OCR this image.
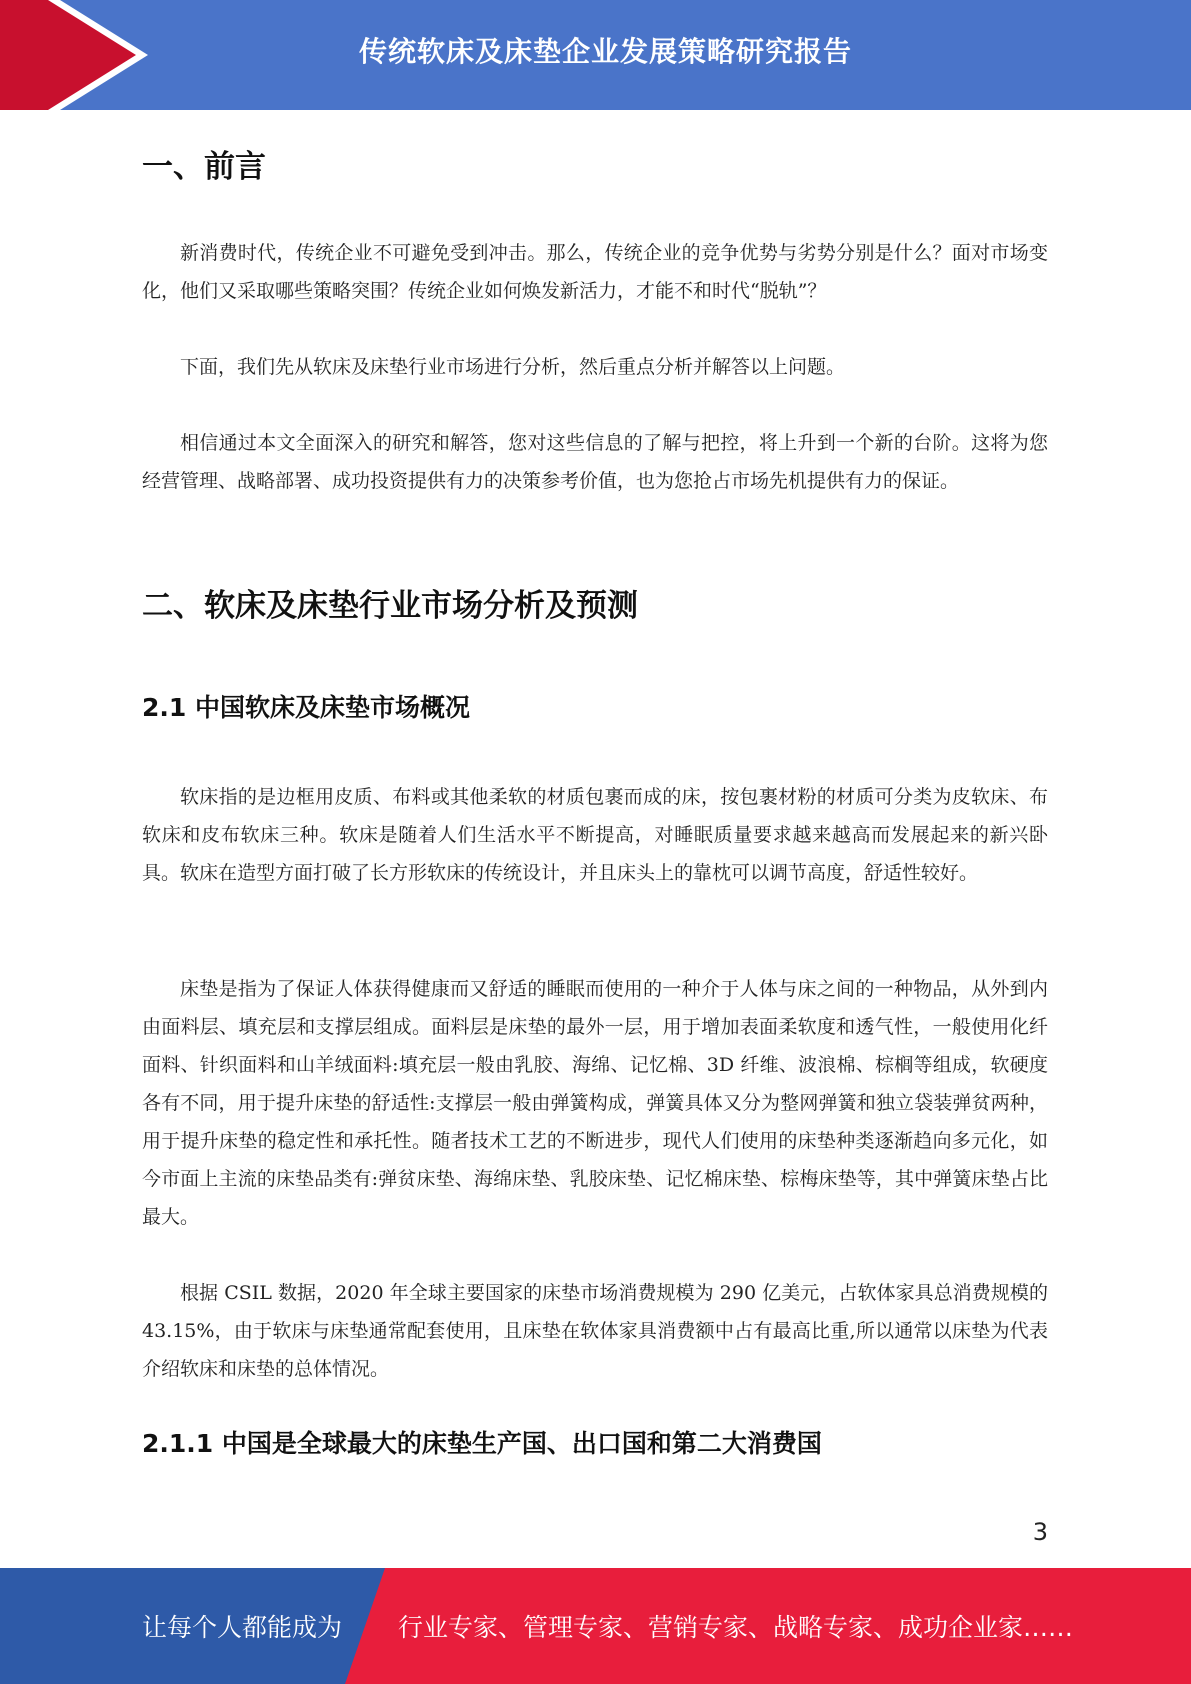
传统软床及床垫企业发展策略研究报告
一、前言

新消费时代，传统企业不可避免受到冲击。那么，传统企业的竞争优势与劣势分别是什么？面对市场变化，他们又采取哪些策略突围？传统企业如何焕发新活力，才能不和时代“脱轨”？

下面，我们先从软床及床垫行业市场进行分析，然后重点分析并解答以上问题。

相信通过本文全面深入的研究和解答，您对这些信息的了解与把控，将上升到一个新的台阶。这将为您经营管理、战略部署、成功投资提供有力的决策参考价值，也为您抢占市场先机提供有力的保证。

二、软床及床垫行业市场分析及预测
2.1 中国软床及床垫市场概况

软床指的是边框用皮质、布料或其他柔软的材质包裹而成的床，按包裹材粉的材质可分类为皮软床、布软床和皮布软床三种。软床是随着人们生活水平不断提高，对睡眠质量要求越来越高而发展起来的新兴卧具。软床在造型方面打破了长方形软床的传统设计，并且床头上的靠枕可以调节高度，舒适性较好。

床垫是指为了保证人体获得健康而又舒适的睡眠而使用的一种介于人体与床之间的一种物品，从外到内由面料层、填充层和支撑层组成。面料层是床垫的最外一层，用于增加表面柔软度和透气性，一般使用化纤面料、针织面料和山羊绒面料:填充层一般由乳胶、海绵、记忆棉、3D 纤维、波浪棉、棕榈等组成，软硬度各有不同，用于提升床垫的舒适性:支撑层一般由弹簧构成，弹簧具体又分为整网弹簧和独立袋装弹贫两种，用于提升床垫的稳定性和承托性。随者技术工艺的不断进步，现代人们使用的床垫种类逐渐趋向多元化，如今市面上主流的床垫品类有:弹贫床垫、海绵床垫、乳胶床垫、记忆棉床垫、棕梅床垫等，其中弹簧床垫占比最大。

根据 CSIL 数据，2020 年全球主要国家的床垫市场消费规模为 290 亿美元，占软体家具总消费规模的 43.15%，由于软床与床垫通常配套使用，且床垫在软体家具消费额中占有最高比重,所以通常以床垫为代表介绍软床和床垫的总体情况。

2.1.1 中国是全球最大的床垫生产国、出口国和第二大消费国
3
让每个人都能成为 行业专家、管理专家、营销专家、战略专家、成功企业家……
